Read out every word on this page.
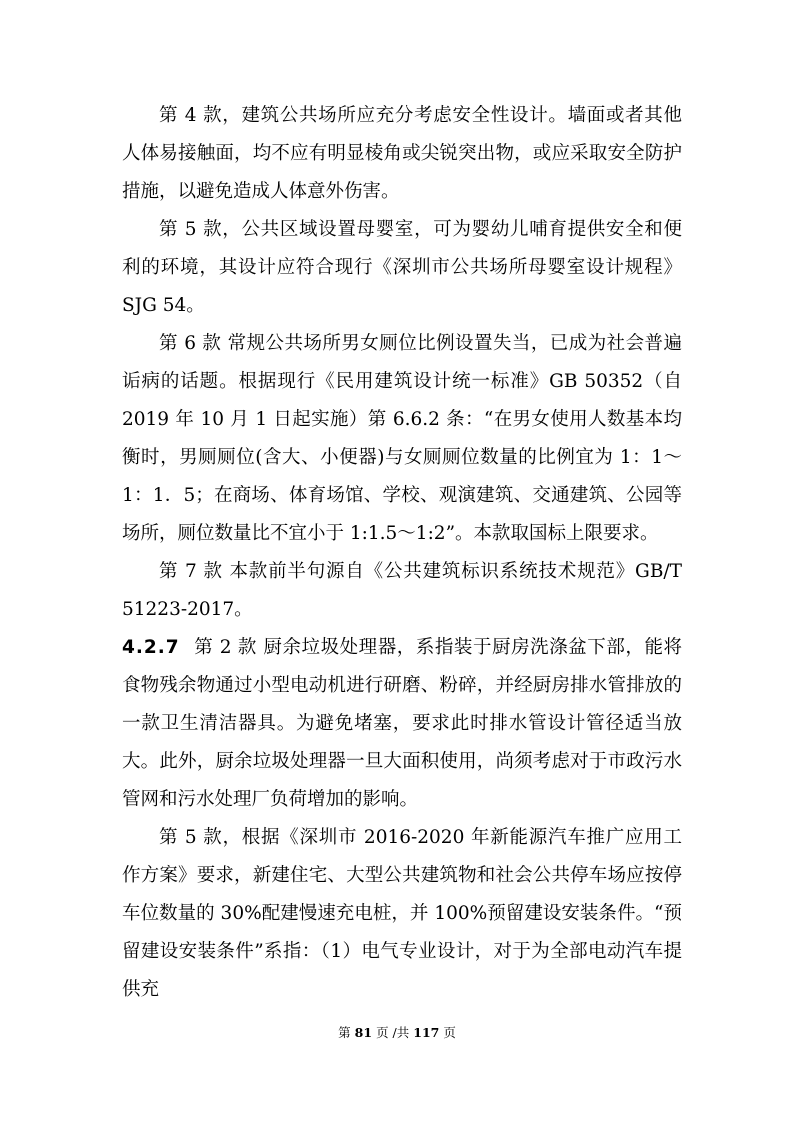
第 4 款，建筑公共场所应充分考虑安全性设计。墙面或者其他人体易接触面，均不应有明显棱角或尖锐突出物，或应采取安全防护措施，以避免造成人体意外伤害。

第 5 款，公共区域设置母婴室，可为婴幼儿哺育提供安全和便利的环境，其设计应符合现行《深圳市公共场所母婴室设计规程》SJG 54。

第 6 款 常规公共场所男女厕位比例设置失当，已成为社会普遍诟病的话题。根据现行《民用建筑设计统一标准》GB 50352（自 2019 年 10 月 1 日起实施）第 6.6.2 条：“在男女使用人数基本均衡时，男厕厕位(含大、小便器)与女厕厕位数量的比例宜为 1：1～1：1．5；在商场、体育场馆、学校、观演建筑、交通建筑、公园等场所，厕位数量比不宜小于 1:1.5～1:2”。本款取国标上限要求。

第 7 款 本款前半句源自《公共建筑标识系统技术规范》GB/T 51223-2017。

4.2.7 第 2 款 厨余垃圾处理器，系指装于厨房洗涤盆下部，能将食物残余物通过小型电动机进行研磨、粉碎，并经厨房排水管排放的一款卫生清洁器具。为避免堵塞，要求此时排水管设计管径适当放大。此外，厨余垃圾处理器一旦大面积使用，尚须考虑对于市政污水管网和污水处理厂负荷增加的影响。

第 5 款，根据《深圳市 2016-2020 年新能源汽车推广应用工作方案》要求，新建住宅、大型公共建筑物和社会公共停车场应按停车位数量的 30%配建慢速充电桩，并 100%预留建设安装条件。“预留建设安装条件”系指：（1）电气专业设计，对于为全部电动汽车提供充

第 81 页 /共 117 页
